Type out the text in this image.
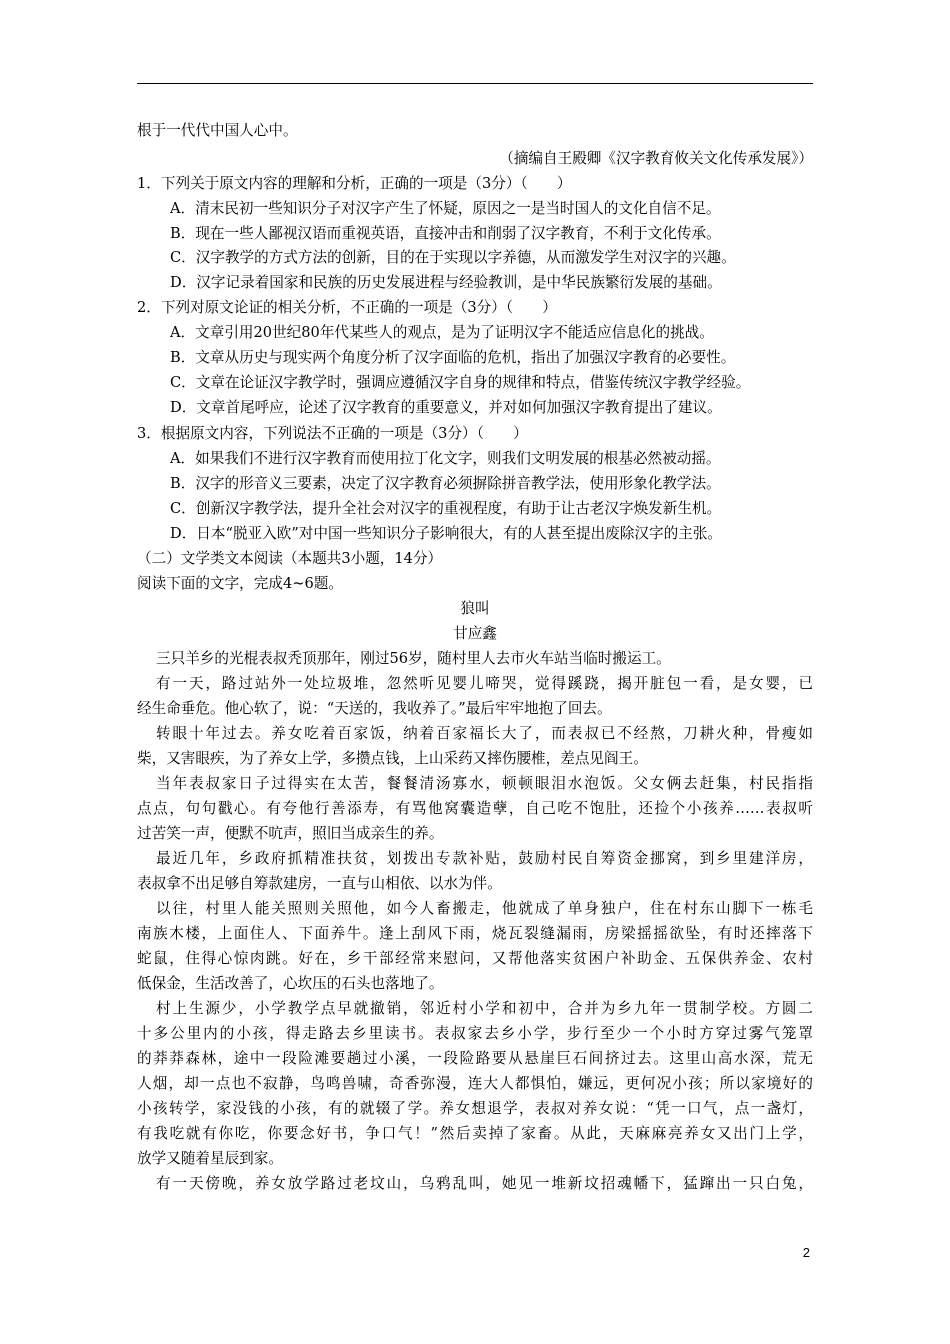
根于一代代中国人心中。
（摘编自王殿卿《汉字教育攸关文化传承发展》）
1．下列关于原文内容的理解和分析，正确的一项是（3分）（　　）
A．清末民初一些知识分子对汉字产生了怀疑，原因之一是当时国人的文化自信不足。
B．现在一些人鄙视汉语而重视英语，直接冲击和削弱了汉字教育，不利于文化传承。
C．汉字教学的方式方法的创新，目的在于实现以字养德，从而激发学生对汉字的兴趣。
D．汉字记录着国家和民族的历史发展进程与经验教训，是中华民族繁衍发展的基础。
2．下列对原文论证的相关分析，不正确的一项是（3分）（　　）
A．文章引用20世纪80年代某些人的观点，是为了证明汉字不能适应信息化的挑战。
B．文章从历史与现实两个角度分析了汉字面临的危机，指出了加强汉字教育的必要性。
C．文章在论证汉字教学时，强调应遵循汉字自身的规律和特点，借鉴传统汉字教学经验。
D．文章首尾呼应，论述了汉字教育的重要意义，并对如何加强汉字教育提出了建议。
3．根据原文内容，下列说法不正确的一项是（3分）（　　）
A．如果我们不进行汉字教育而使用拉丁化文字，则我们文明发展的根基必然被动摇。
B．汉字的形音义三要素，决定了汉字教育必须摒除拼音教学法，使用形象化教学法。
C．创新汉字教学法，提升全社会对汉字的重视程度，有助于让古老汉字焕发新生机。
D．日本“脱亚入欧”对中国一些知识分子影响很大，有的人甚至提出废除汉字的主张。
（二）文学类文本阅读（本题共3小题，14分）
阅读下面的文字，完成4~6题。
狼叫
甘应鑫
三只羊乡的光棍表叔秃顶那年，刚过56岁，随村里人去市火车站当临时搬运工。
有一天，路过站外一处垃圾堆，忽然听见婴儿啼哭，觉得蹊跷，揭开脏包一看，是女婴，已
经生命垂危。他心软了，说：“天送的，我收养了。”最后牢牢地抱了回去。
转眼十年过去。养女吃着百家饭，纳着百家福长大了，而表叔已不经熬，刀耕火种，骨瘦如
柴，又害眼疾，为了养女上学，多攒点钱，上山采药又摔伤腰椎，差点见阎王。
当年表叔家日子过得实在太苦，餐餐清汤寡水，顿顿眼泪水泡饭。父女俩去赶集，村民指指
点点，句句戳心。有夸他行善添寿，有骂他窝囊造孽，自己吃不饱肚，还捡个小孩养……表叔听
过苦笑一声，便默不吭声，照旧当成亲生的养。
最近几年，乡政府抓精准扶贫，划拨出专款补贴，鼓励村民自筹资金挪窝，到乡里建洋房，
表叔拿不出足够自筹款建房，一直与山相依、以水为伴。
以往，村里人能关照则关照他，如今人畜搬走，他就成了单身独户，住在村东山脚下一栋毛
南族木楼，上面住人、下面养牛。逢上刮风下雨，烧瓦裂缝漏雨，房梁摇摇欲坠，有时还摔落下
蛇鼠，住得心惊肉跳。好在，乡干部经常来慰问，又帮他落实贫困户补助金、五保供养金、农村
低保金，生活改善了，心坎压的石头也落地了。
村上生源少，小学教学点早就撤销，邻近村小学和初中，合并为乡九年一贯制学校。方圆二
十多公里内的小孩，得走路去乡里读书。表叔家去乡小学，步行至少一个小时方穿过雾气笼罩
的莽莽森林，途中一段险滩要趟过小溪，一段险路要从悬崖巨石间挤过去。这里山高水深，荒无
人烟，却一点也不寂静，鸟鸣兽啸，奇香弥漫，连大人都惧怕，嫌远，更何况小孩；所以家境好的
小孩转学，家没钱的小孩，有的就辍了学。养女想退学，表叔对养女说：“凭一口气，点一盏灯，
有我吃就有你吃，你要念好书，争口气！”然后卖掉了家畜。从此，天麻麻亮养女又出门上学，
放学又随着星辰到家。
有一天傍晚，养女放学路过老坟山，乌鸦乱叫，她见一堆新坟招魂幡下，猛蹿出一只白兔，
2
